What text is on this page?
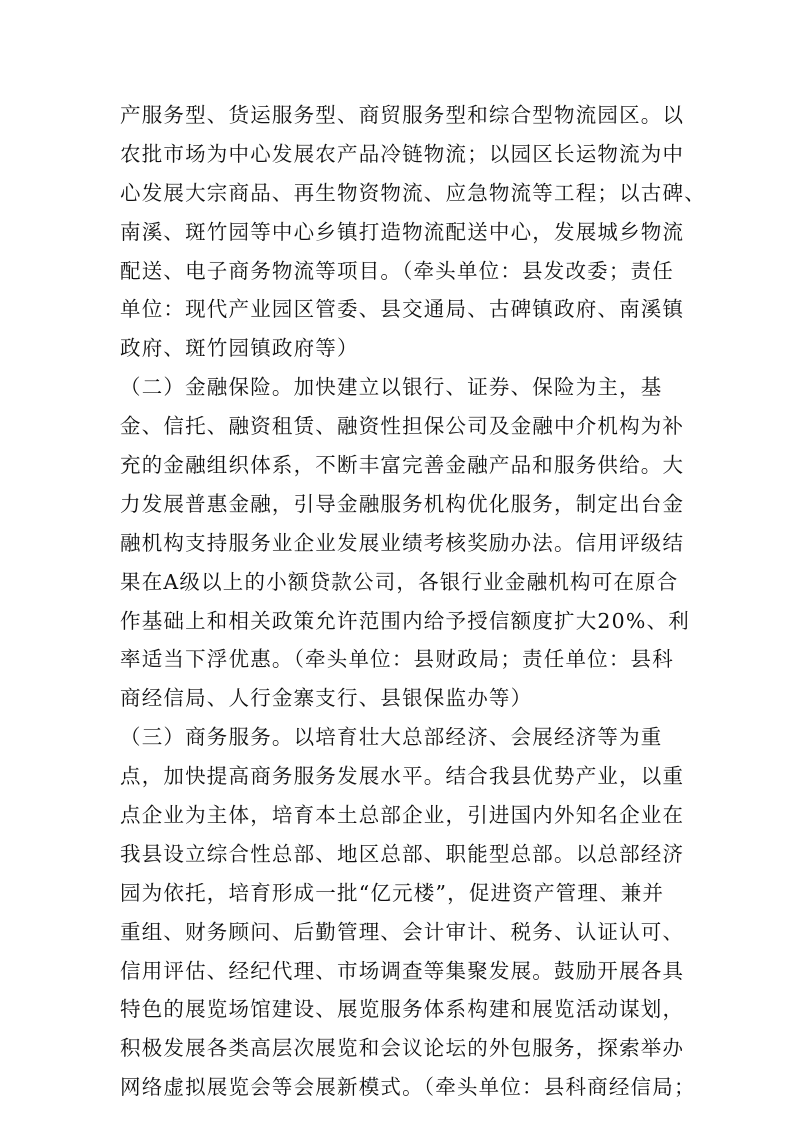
产服务型、货运服务型、商贸服务型和综合型物流园区。以
农批市场为中心发展农产品冷链物流；以园区长运物流为中
心发展大宗商品、再生物资物流、应急物流等工程；以古碑、
南溪、斑竹园等中心乡镇打造物流配送中心，发展城乡物流
配送、电子商务物流等项目。（牵头单位：县发改委；责任
单位：现代产业园区管委、县交通局、古碑镇政府、南溪镇
政府、斑竹园镇政府等）
（二）金融保险。加快建立以银行、证券、保险为主，基
金、信托、融资租赁、融资性担保公司及金融中介机构为补
充的金融组织体系，不断丰富完善金融产品和服务供给。大
力发展普惠金融，引导金融服务机构优化服务，制定出台金
融机构支持服务业企业发展业绩考核奖励办法。信用评级结
果在A级以上的小额贷款公司，各银行业金融机构可在原合
作基础上和相关政策允许范围内给予授信额度扩大20%、利
率适当下浮优惠。（牵头单位：县财政局；责任单位：县科
商经信局、人行金寨支行、县银保监办等）
（三）商务服务。以培育壮大总部经济、会展经济等为重
点，加快提高商务服务发展水平。结合我县优势产业，以重
点企业为主体，培育本土总部企业，引进国内外知名企业在
我县设立综合性总部、地区总部、职能型总部。以总部经济
园为依托，培育形成一批“亿元楼”，促进资产管理、兼并
重组、财务顾问、后勤管理、会计审计、税务、认证认可、
信用评估、经纪代理、市场调查等集聚发展。鼓励开展各具
特色的展览场馆建设、展览服务体系构建和展览活动谋划，
积极发展各类高层次展览和会议论坛的外包服务，探索举办
网络虚拟展览会等会展新模式。（牵头单位：县科商经信局；
